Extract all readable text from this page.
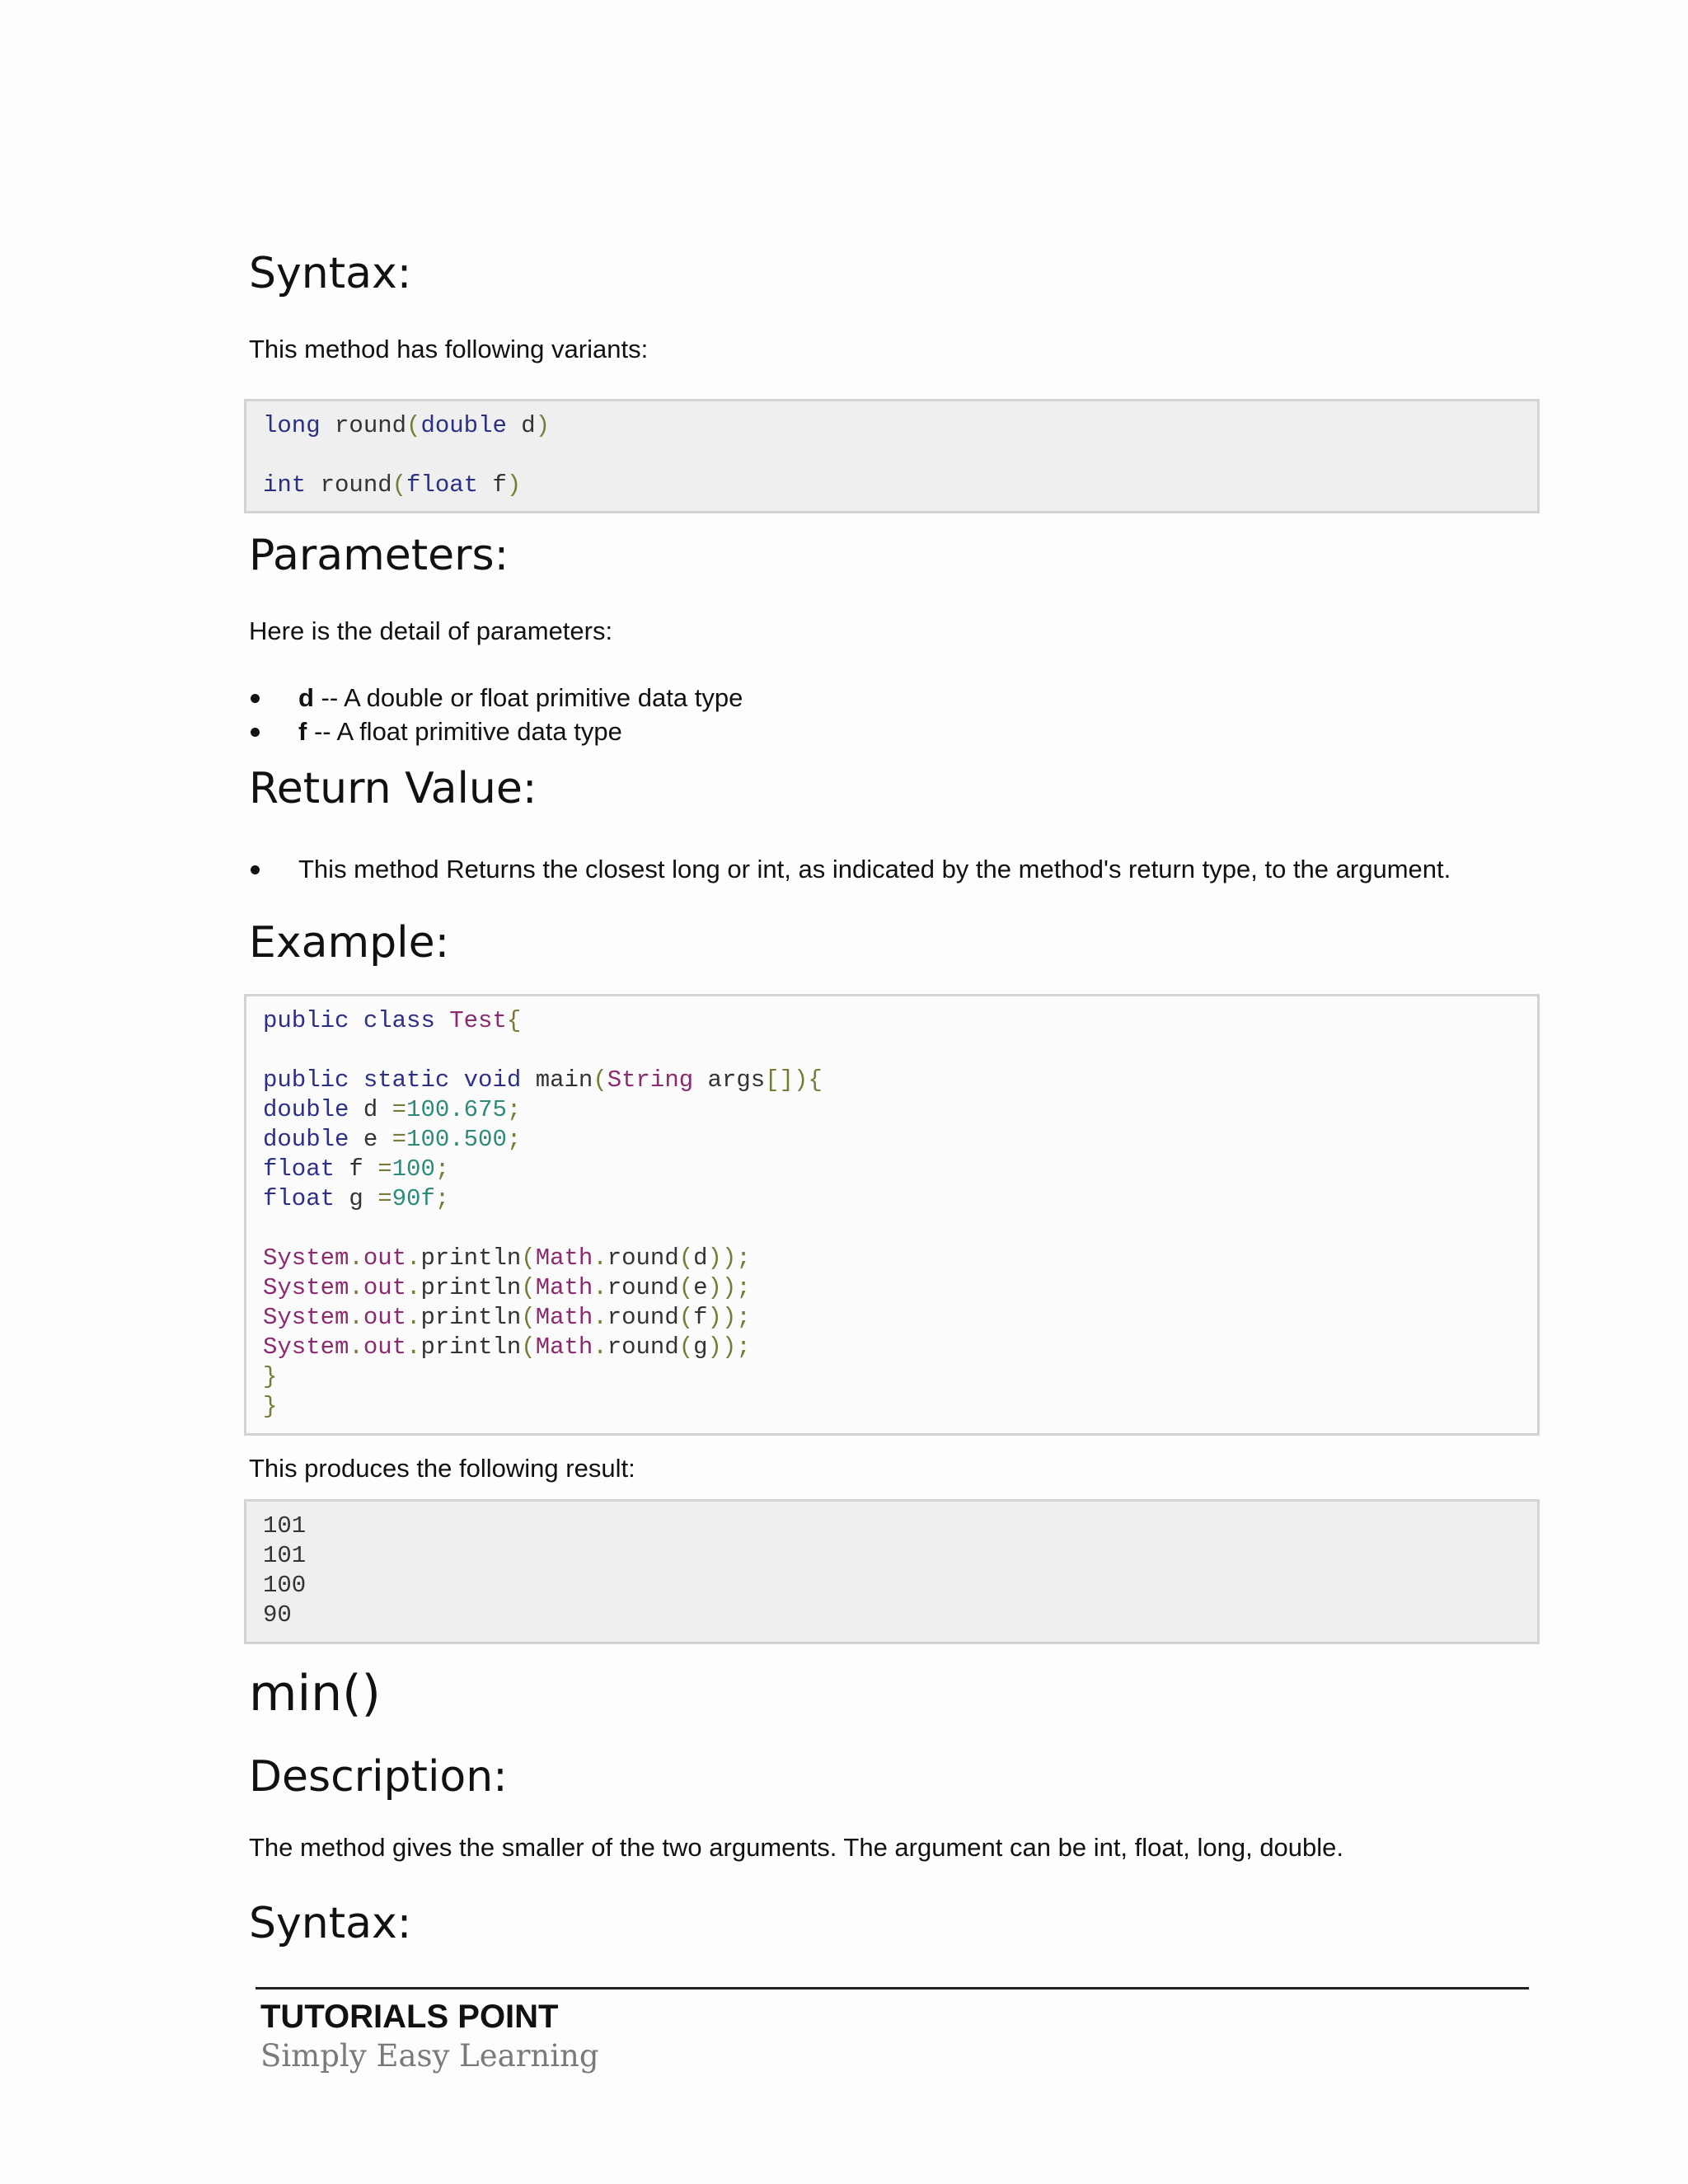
Syntax:

This method has following variants:

long round(double d)
int round(float f)
Parameters:

Here is the detail of parameters:

d -- A double or float primitive data type
f -- A float primitive data type
Return Value:
This method Returns the closest long or int, as indicated by the method's return type, to the argument.
Example:
public class Test{
public static void main(String args[]){
double d =100.675;
double e =100.500;
float f =100;
float g =90f;
System.out.println(Math.round(d));
System.out.println(Math.round(e));
System.out.println(Math.round(f));
System.out.println(Math.round(g));
}
}

This produces the following result:

101
101
100
90
min()
Description:

The method gives the smaller of the two arguments. The argument can be int, float, long, double.

Syntax:
TUTORIALS POINT
Simply Easy Learning
